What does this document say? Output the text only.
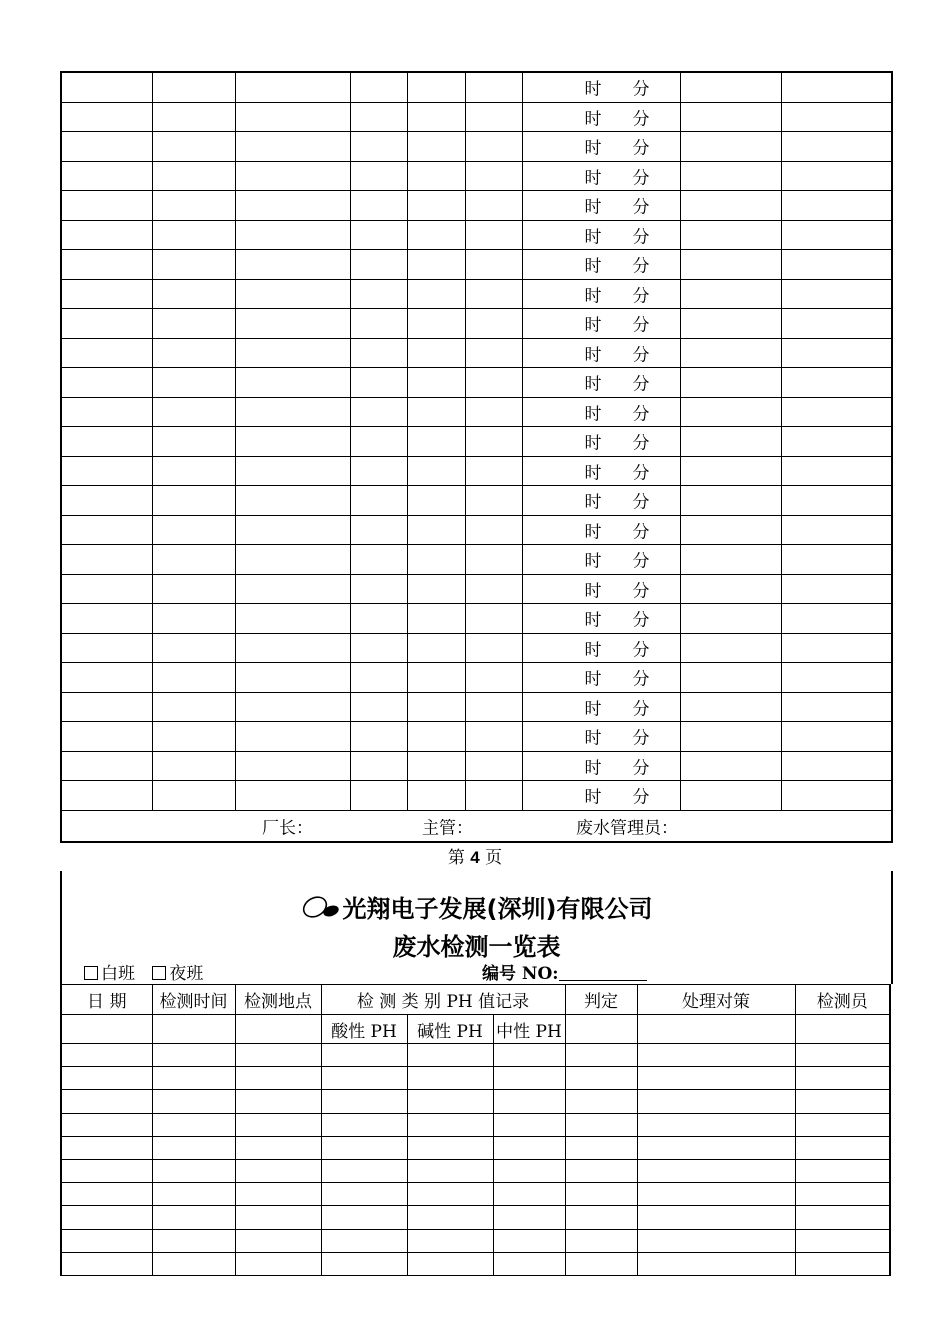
						时 分		

						时 分		

						时 分		

						时 分		

						时 分		

						时 分		

						时 分		

						时 分		

						时 分		

						时 分		

						时 分		

						时 分		

						时 分		

						时 分		

						时 分		

						时 分		

						时 分		

						时 分		

						时 分		

						时 分		

						时 分		

						时 分		

						时 分		

						时 分		

						时 分		

厂长： 主管： 废水管理员：								
第 4 页
光翔电子发展(深圳)有限公司
废水检测一览表
白班 夜班	编号 NO:
日 期	检测时间	检测地点	检 测 类 别 PH 值记录			判定	处理对策	检测员
			酸性 PH	碱性 PH	中性 PH			
